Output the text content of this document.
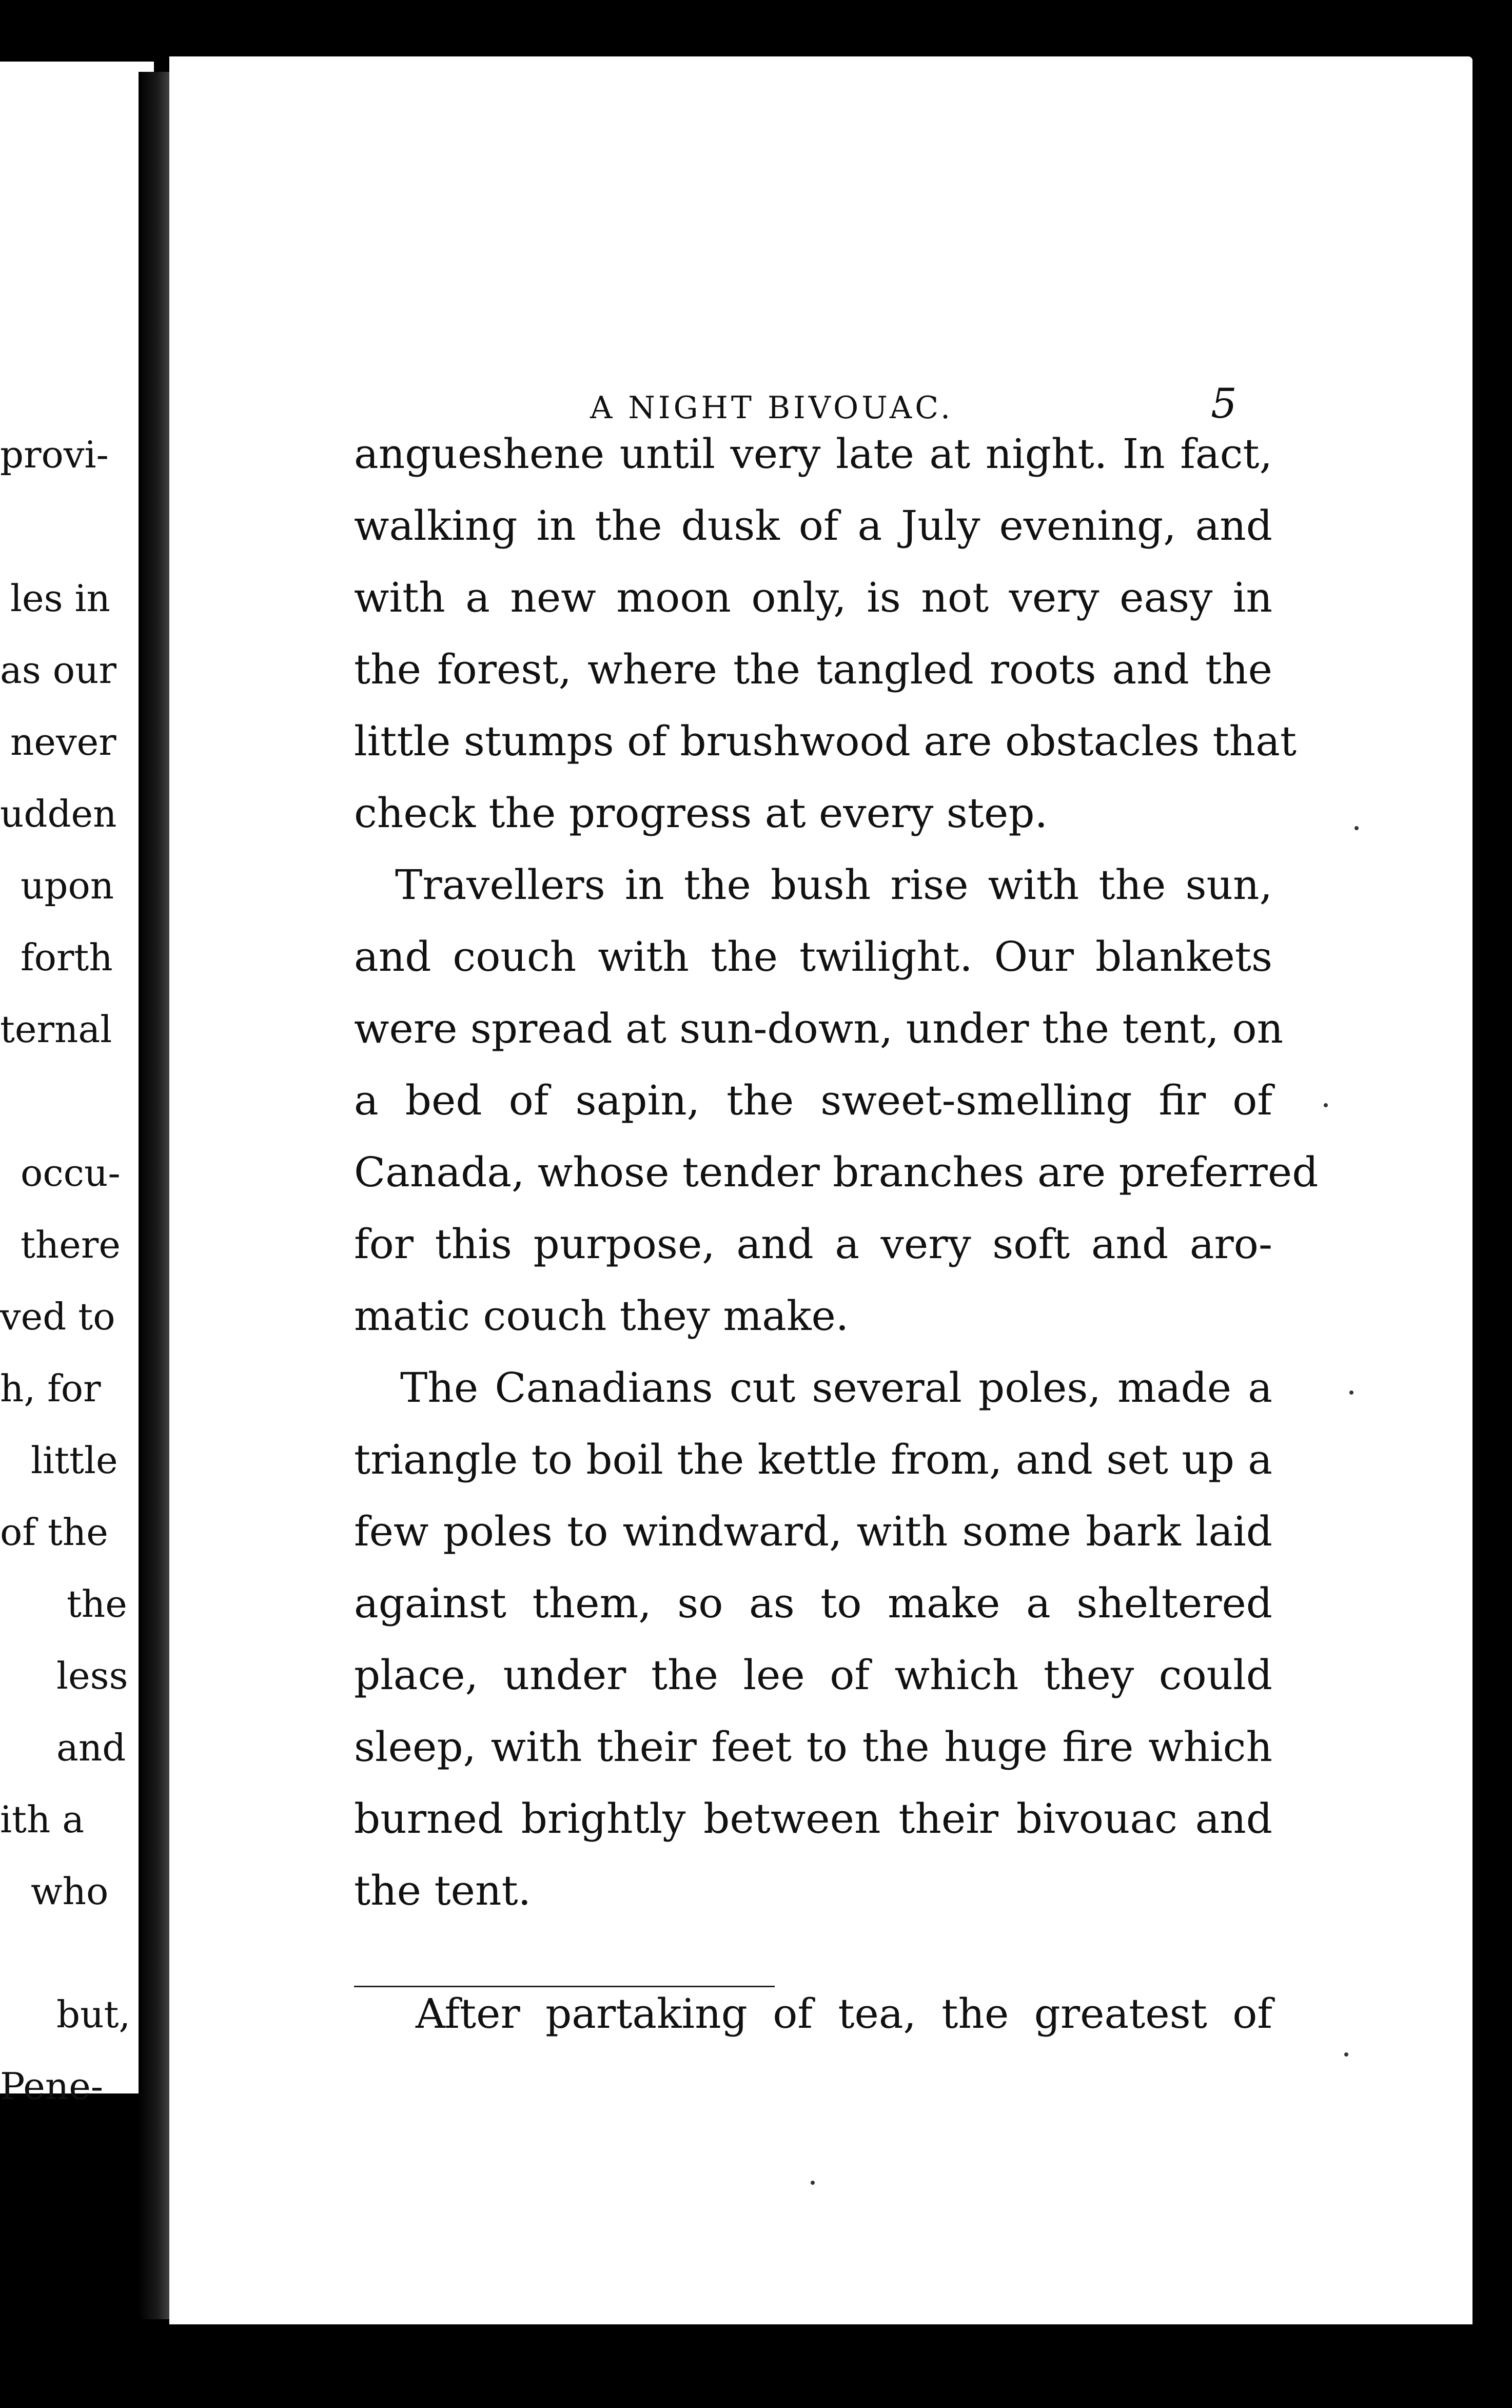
provi-
les in
as our
never
udden
upon
forth
ternal
occu-
there
ved to
h, for
little
of the
the
less
and
ith a
who
but,
Pene-
A NIGHT BIVOUAC.	5
angueshene until very late at night. In fact,
walking in the dusk of a July evening, and
with a new moon only, is not very easy in
the forest, where the tangled roots and the
little stumps of brushwood are obstacles that
check the progress at every step.
Travellers in the bush rise with the sun,
and couch with the twilight. Our blankets
were spread at sun-down, under the tent, on
a bed of sapin, the sweet-smelling fir of
Canada, whose tender branches are preferred
for this purpose, and a very soft and aro-
matic couch they make.
The Canadians cut several poles, made a
triangle to boil the kettle from, and set up a
few poles to windward, with some bark laid
against them, so as to make a sheltered
place, under the lee of which they could
sleep, with their feet to the huge fire which
burned brightly between their bivouac and
the tent.
After partaking of tea, the greatest of
